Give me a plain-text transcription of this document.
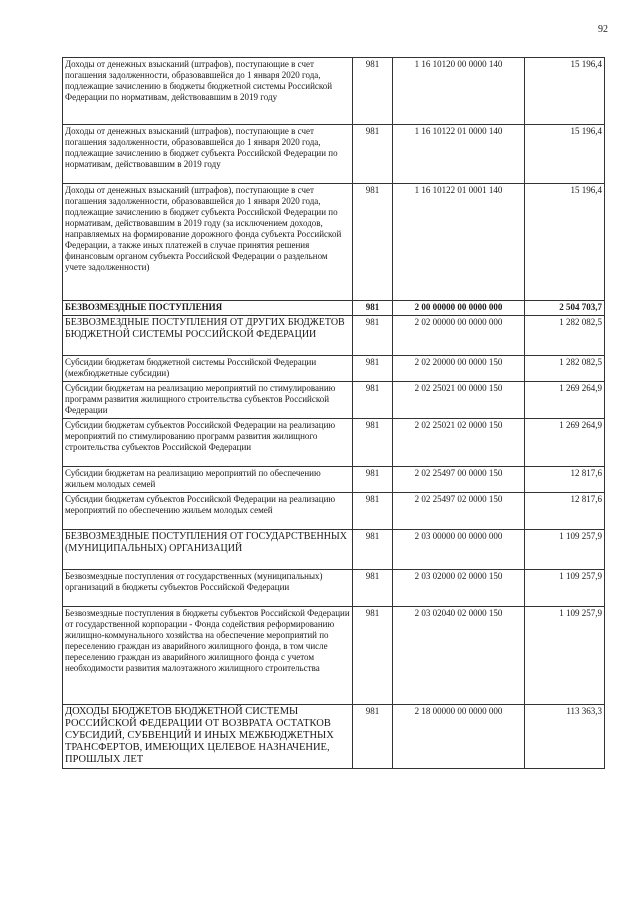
92
Доходы от денежных взысканий (штрафов), поступающие в счет погашения задолженности, образовавшейся до 1 января 2020 года, подлежащие зачислению в бюджеты бюджетной системы Российской Федерации по нормативам, действовавшим в 2019 году	981	1 16 10120 00 0000 140	15 196,4
Доходы от денежных взысканий (штрафов), поступающие в счет погашения задолженности, образовавшейся до 1 января 2020 года, подлежащие зачислению в бюджет субъекта Российской Федерации по нормативам, действовавшим в 2019 году	981	1 16 10122 01 0000 140	15 196,4
Доходы от денежных взысканий (штрафов), поступающие в счет погашения задолженности, образовавшейся до 1 января 2020 года, подлежащие зачислению в бюджет субъекта Российской Федерации по нормативам, действовавшим в 2019 году (за исключением доходов, направляемых на формирование дорожного фонда субъекта Российской Федерации, а также иных платежей в случае принятия решения финансовым органом субъекта Российской Федерации о раздельном учете задолженности)	981	1 16 10122 01 0001 140	15 196,4
БЕЗВОЗМЕЗДНЫЕ ПОСТУПЛЕНИЯ	981	2 00 00000 00 0000 000	2 504 703,7
БЕЗВОЗМЕЗДНЫЕ ПОСТУПЛЕНИЯ ОТ ДРУГИХ БЮДЖЕТОВ БЮДЖЕТНОЙ СИСТЕМЫ РОССИЙСКОЙ ФЕДЕРАЦИИ	981	2 02 00000 00 0000 000	1 282 082,5
Субсидии бюджетам бюджетной системы Российской Федерации (межбюджетные субсидии)	981	2 02 20000 00 0000 150	1 282 082,5
Субсидии бюджетам на реализацию мероприятий по стимулированию программ развития жилищного строительства субъектов Российской Федерации	981	2 02 25021 00 0000 150	1 269 264,9
Субсидии бюджетам субъектов Российской Федерации на реализацию мероприятий по стимулированию программ развития жилищного строительства субъектов Российской Федерации	981	2 02 25021 02 0000 150	1 269 264,9
Субсидии бюджетам на реализацию мероприятий по обеспечению жильем молодых семей	981	2 02 25497 00 0000 150	12 817,6
Субсидии бюджетам субъектов Российской Федерации на реализацию мероприятий по обеспечению жильем молодых семей	981	2 02 25497 02 0000 150	12 817,6
БЕЗВОЗМЕЗДНЫЕ ПОСТУПЛЕНИЯ ОТ ГОСУДАРСТВЕННЫХ (МУНИЦИПАЛЬНЫХ) ОРГАНИЗАЦИЙ	981	2 03 00000 00 0000 000	1 109 257,9
Безвозмездные поступления от государственных (муниципальных) организаций в бюджеты субъектов Российской Федерации	981	2 03 02000 02 0000 150	1 109 257,9
Безвозмездные поступления в бюджеты субъектов Российской Федерации от государственной корпорации - Фонда содействия реформированию жилищно-коммунального хозяйства на обеспечение мероприятий по переселению граждан из аварийного жилищного фонда, в том числе переселению граждан из аварийного жилищного фонда с учетом необходимости развития малоэтажного жилищного строительства	981	2 03 02040 02 0000 150	1 109 257,9
ДОХОДЫ БЮДЖЕТОВ БЮДЖЕТНОЙ СИСТЕМЫ РОССИЙСКОЙ ФЕДЕРАЦИИ ОТ ВОЗВРАТА ОСТАТКОВ СУБСИДИЙ, СУБВЕНЦИЙ И ИНЫХ МЕЖБЮДЖЕТНЫХ ТРАНСФЕРТОВ, ИМЕЮЩИХ ЦЕЛЕВОЕ НАЗНАЧЕНИЕ, ПРОШЛЫХ ЛЕТ	981	2 18 00000 00 0000 000	113 363,3
